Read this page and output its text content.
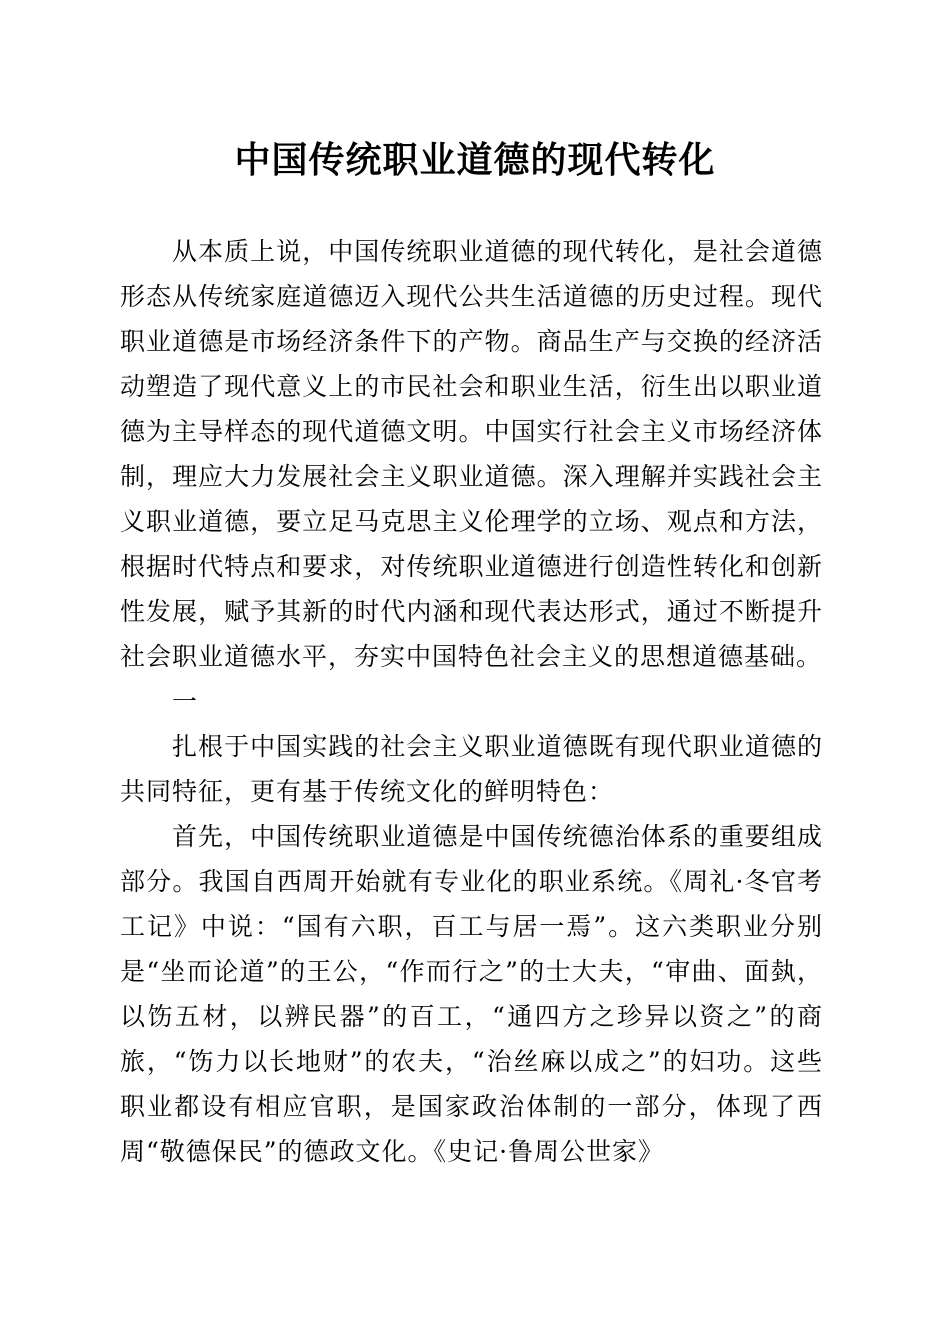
中国传统职业道德的现代转化

从本质上说，中国传统职业道德的现代转化，是社会道德形态从传统家庭道德迈入现代公共生活道德的历史过程。现代职业道德是市场经济条件下的产物。商品生产与交换的经济活动塑造了现代意义上的市民社会和职业生活，衍生出以职业道德为主导样态的现代道德文明。中国实行社会主义市场经济体制，理应大力发展社会主义职业道德。深入理解并实践社会主义职业道德，要立足马克思主义伦理学的立场、观点和方法，根据时代特点和要求，对传统职业道德进行创造性转化和创新性发展，赋予其新的时代内涵和现代表达形式，通过不断提升社会职业道德水平，夯实中国特色社会主义的思想道德基础。

一

扎根于中国实践的社会主义职业道德既有现代职业道德的共同特征，更有基于传统文化的鲜明特色：

首先，中国传统职业道德是中国传统德治体系的重要组成部分。我国自西周开始就有专业化的职业系统。《周礼·冬官考工记》中说：“国有六职，百工与居一焉”。这六类职业分别是“坐而论道”的王公，“作而行之”的士大夫，“审曲、面埶，以饬五材，以辨民器”的百工，“通四方之珍异以资之”的商旅，“饬力以长地财”的农夫，“治丝麻以成之”的妇功。这些职业都设有相应官职，是国家政治体制的一部分，体现了西周“敬德保民”的德政文化。《史记·鲁周公世家》
